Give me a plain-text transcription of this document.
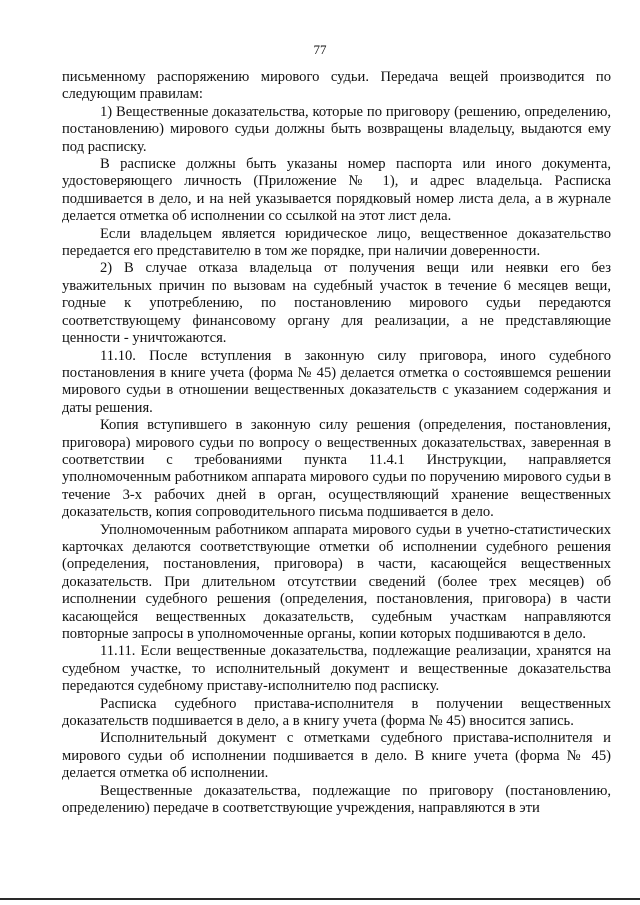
77

письменному распоряжению мирового судьи. Передача вещей производится по следующим правилам:

1) Вещественные доказательства, которые по приговору (решению, определению, постановлению) мирового судьи должны быть возвращены владельцу, выдаются ему под расписку.

В расписке должны быть указаны номер паспорта или иного документа, удостоверяющего личность (Приложение № 1), и адрес владельца. Расписка подшивается в дело, и на ней указывается порядковый номер листа дела, а в журнале делается отметка об исполнении со ссылкой на этот лист дела.

Если владельцем является юридическое лицо, вещественное доказательство передается его представителю в том же порядке, при наличии доверенности.

2) В случае отказа владельца от получения вещи или неявки его без уважительных причин по вызовам на судебный участок в течение 6 месяцев вещи, годные к употреблению, по постановлению мирового судьи передаются соответствующему финансовому органу для реализации, а не представляющие ценности - уничтожаются.

11.10. После вступления в законную силу приговора, иного судебного постановления в книге учета (форма № 45) делается отметка о состоявшемся решении мирового судьи в отношении вещественных доказательств с указанием содержания и даты решения.

Копия вступившего в законную силу решения (определения, постановления, приговора) мирового судьи по вопросу о вещественных доказательствах, заверенная в соответствии с требованиями пункта 11.4.1 Инструкции, направляется уполномоченным работником аппарата мирового судьи по поручению мирового судьи в течение 3-х рабочих дней в орган, осуществляющий хранение вещественных доказательств, копия сопроводительного письма подшивается в дело.

Уполномоченным работником аппарата мирового судьи в учетно-статистических карточках делаются соответствующие отметки об исполнении судебного решения (определения, постановления, приговора) в части, касающейся вещественных доказательств. При длительном отсутствии сведений (более трех месяцев) об исполнении судебного решения (определения, постановления, приговора) в части касающейся вещественных доказательств, судебным участкам направляются повторные запросы в уполномоченные органы, копии которых подшиваются в дело.

11.11. Если вещественные доказательства, подлежащие реализации, хранятся на судебном участке, то исполнительный документ и вещественные доказательства передаются судебному приставу-исполнителю под расписку.

Расписка судебного пристава-исполнителя в получении вещественных доказательств подшивается в дело, а в книгу учета (форма № 45) вносится запись.

Исполнительный документ с отметками судебного пристава-исполнителя и мирового судьи об исполнении подшивается в дело. В книге учета (форма № 45) делается отметка об исполнении.

Вещественные доказательства, подлежащие по приговору (постановлению, определению) передаче в соответствующие учреждения, направляются в эти
